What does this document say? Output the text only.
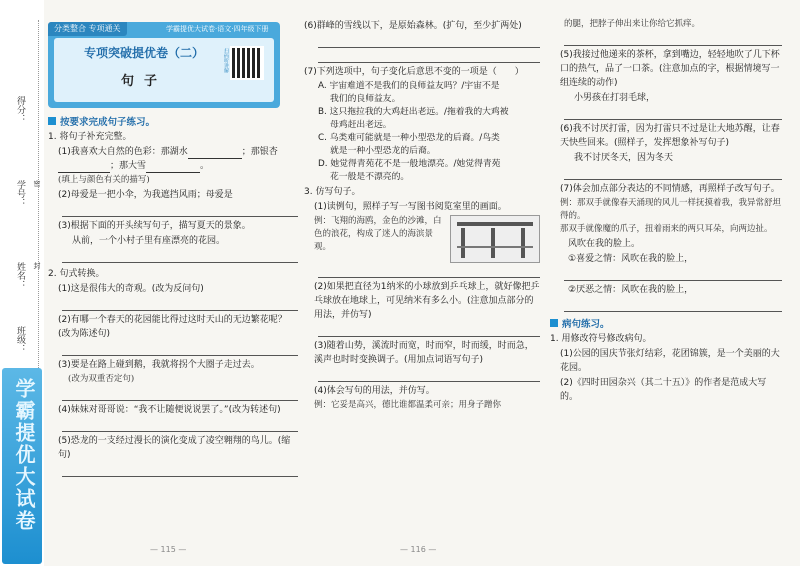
得分：
学号：
姓名：
班级：
密
封
学霸提优大试卷
分类整合 专项通关
专项突破提优卷（二）
句子
扫码听讲解
学霸提优大试卷·语文·四年级下册
按要求完成句子练习。
1. 将句子补充完整。
(1)我喜欢大自然的色彩：那湖水	；那银杏；那大雪	。
(填上与颜色有关的描写)
(2)母爱是一把小伞，为我遮挡风雨；母爱是
(3)根据下面的开头续写句子，描写夏天的景象。
从前，一个小村子里有座漂亮的花园。
2. 句式转换。
(1)这是很伟大的奇观。(改为反问句)
(2)有哪一个春天的花园能比得过这时天山的无边繁花呢？(改为陈述句)
(3)要是在路上碰到鹅，我就将拐个大圈子走过去。
(改为双重否定句)
(4)妹妹对哥哥说：“我不让随便说说罢了。”(改为转述句)
(5)恐龙的一支经过漫长的演化变成了凌空翱翔的鸟儿。(缩句)
— 115 —
(6)群峰的雪线以下，是原始森林。(扩句，至少扩两处)
(7)下列选项中，句子变化后意思不变的一项是（　　）
A. 宇宙难道不是我们的良师益友吗？/宇宙不是
我们的良师益友。
B. 这只拖拉我的大鸡赶出老远。/拖着我的大鸡被
母鸡赶出老远。
C. 乌类难可能就是一种小型恐龙的后裔。/鸟类
就是一种小型恐龙的后裔。
D. 她觉得青苑花不是一般地漂亮。/她觉得青苑
花一般是不漂亮的。
3. 仿写句子。
(1)读例句，照样子写一写图书阅览室里的画面。
例：飞翔的海鸥，金色的沙滩，白色的浪花，构成了迷人的海滨景观。
(2)如果把直径为1纳米的小球放到乒乓球上，就好像把乒乓球放在地球上，可见纳米有多么小。(注意加点部分的用法，并仿写)
(3)随着山势，溪流时而宽，时而窄，时而缓，时而急，溪声也时时变换调子。(用加点词语写句子)
(4)体会写句的用法，并仿写。
例：它妥是高兴，德比谁都温柔可亲；用身子蹭你
— 116 —
的腿，把脖子伸出来让你给它抓痒。
(5)我接过他递来的茶杯，拿到嘴边，轻轻地吹了几下杯口的热气，品了一口茶。(注意加点的字，根据情境写一组连续的动作)
小男孩在打羽毛球，
(6)我不讨厌打雷，因为打雷只不过是让大地苏醒，让春天快些回来。(照样子，发挥想象补写句子)
我不讨厌冬天，因为冬天
(7)体会加点部分表达的不同情感，再照样子改写句子。
例：那双手就像春天涌现的风儿一样抚摸着我，我异常舒坦得的。
那双手就像魔的爪子，扭着雨来的两只耳朵，向两边扯。
风吹在我的脸上。
①喜爱之情：风吹在我的脸上，
②厌恶之情：风吹在我的脸上，
病句练习。
1. 用修改符号修改病句。
(1)公园的国庆节张灯结彩，花团锦簇，是一个美丽的大花园。
(2)《四时田园杂兴（其二十五）》的作者是范成大写的。
